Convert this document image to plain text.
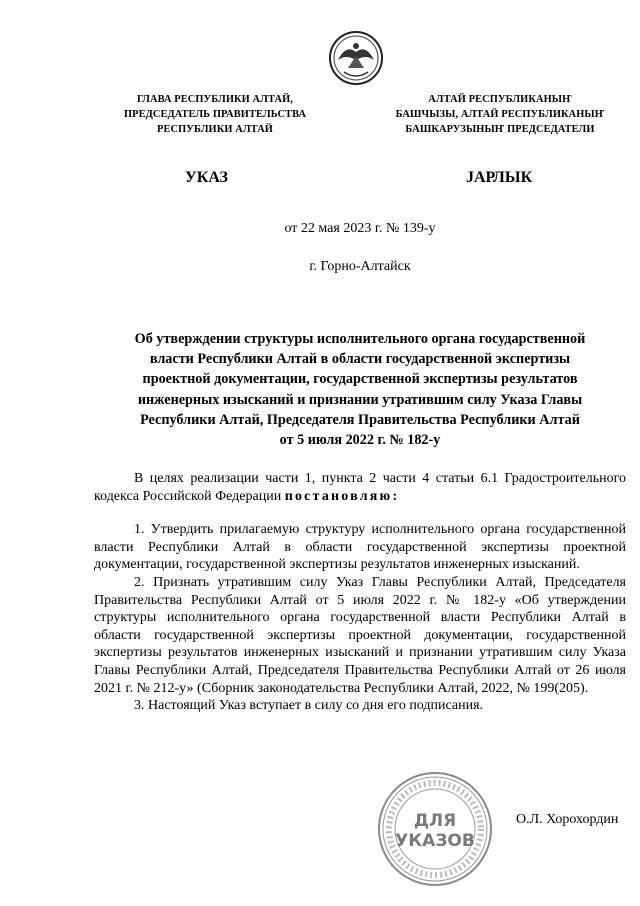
ГЛАВА РЕСПУБЛИКИ АЛТАЙ,
ПРЕДСЕДАТЕЛЬ ПРАВИТЕЛЬСТВА
РЕСПУБЛИКИ АЛТАЙ
АЛТАЙ РЕСПУБЛИКАНЫҤ
БАШЧЫЗЫ, АЛТАЙ РЕСПУБЛИКАНЫҤ
БАШКАРУЗЫНЫҤ ПРЕДСЕДАТЕЛИ
УКАЗ	JАРЛЫК
от 22 мая 2023 г. № 139-у
г. Горно-Алтайск
Об утверждении структуры исполнительного органа государственной
власти Республики Алтай в области государственной экспертизы
проектной документации, государственной экспертизы результатов
инженерных изысканий и признании утратившим силу Указа Главы
Республики Алтай, Председателя Правительства Республики Алтай
от 5 июля 2022 г. № 182-у

В целях реализации части 1, пункта 2 части 4 статьи 6.1 Градостроительного кодекса Российской Федерации постановляю:

1. Утвердить прилагаемую структуру исполнительного органа государственной власти Республики Алтай в области государственной экспертизы проектной документации, государственной экспертизы результатов инженерных изысканий.

2. Признать утратившим силу Указ Главы Республики Алтай, Председателя Правительства Республики Алтай от 5 июля 2022 г. № 182-у «Об утверждении структуры исполнительного органа государственной власти Республики Алтай в области государственной экспертизы проектной документации, государственной экспертизы результатов инженерных изысканий и признании утратившим силу Указа Главы Республики Алтай, Председателя Правительства Республики Алтай от 26 июля 2021 г. № 212-у» (Сборник законодательства Республики Алтай, 2022, № 199(205).

3. Настоящий Указ вступает в силу со дня его подписания.

ДЛЯ
УКАЗОВ
О.Л. Хорохордин
